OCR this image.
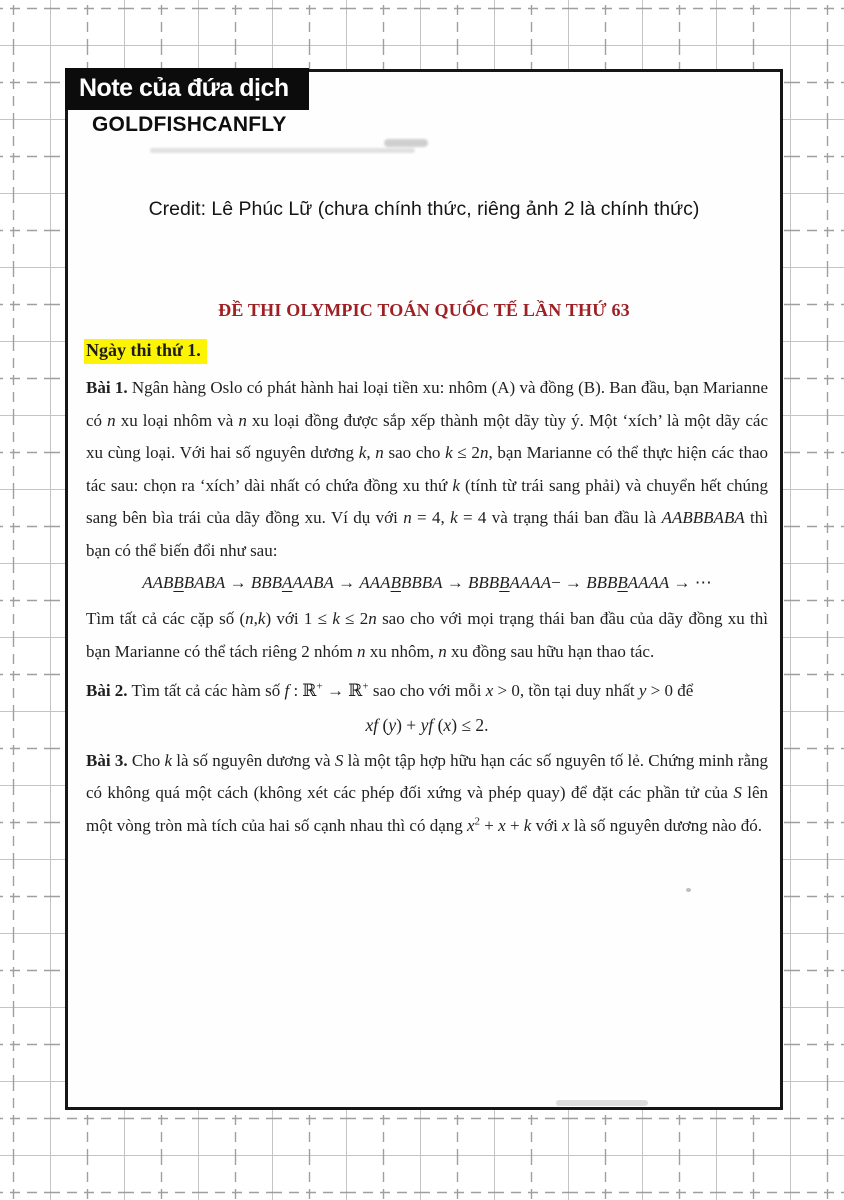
Note của đứa dịch
GOLDFISHCANFLY
Credit: Lê Phúc Lữ (chưa chính thức, riêng ảnh 2 là chính thức)
ĐỀ THI OLYMPIC TOÁN QUỐC TẾ LẦN THỨ 63
Ngày thi thứ 1.

Bài 1. Ngân hàng Oslo có phát hành hai loại tiền xu: nhôm (A) và đồng (B). Ban đầu, bạn Marianne có n xu loại nhôm và n xu loại đồng được sắp xếp thành một dãy tùy ý. Một ‘xích’ là một dãy các xu cùng loại. Với hai số nguyên dương k, n sao cho k ≤ 2n, bạn Marianne có thể thực hiện các thao tác sau: chọn ra ‘xích’ dài nhất có chứa đồng xu thứ k (tính từ trái sang phải) và chuyển hết chúng sang bên bìa trái của dãy đồng xu. Ví dụ với n = 4, k = 4 và trạng thái ban đầu là AABBBABA thì bạn có thể biến đổi như sau:

AABBBABA → BBBAAABA → AAABBBBA → BBBBAAAA− → BBBBAAAA → ⋯

Tìm tất cả các cặp số (n,k) với 1 ≤ k ≤ 2n sao cho với mọi trạng thái ban đầu của dãy đồng xu thì bạn Marianne có thể tách riêng 2 nhóm n xu nhôm, n xu đồng sau hữu hạn thao tác.

Bài 2. Tìm tất cả các hàm số f : ℝ+ → ℝ+ sao cho với mỗi x > 0, tồn tại duy nhất y > 0 để

xf (y) + yf (x) ≤ 2.

Bài 3. Cho k là số nguyên dương và S là một tập hợp hữu hạn các số nguyên tố lẻ. Chứng minh rằng có không quá một cách (không xét các phép đối xứng và phép quay) để đặt các phần tử của S lên một vòng tròn mà tích của hai số cạnh nhau thì có dạng $x^2 + x + k$ với x là số nguyên dương nào đó.
